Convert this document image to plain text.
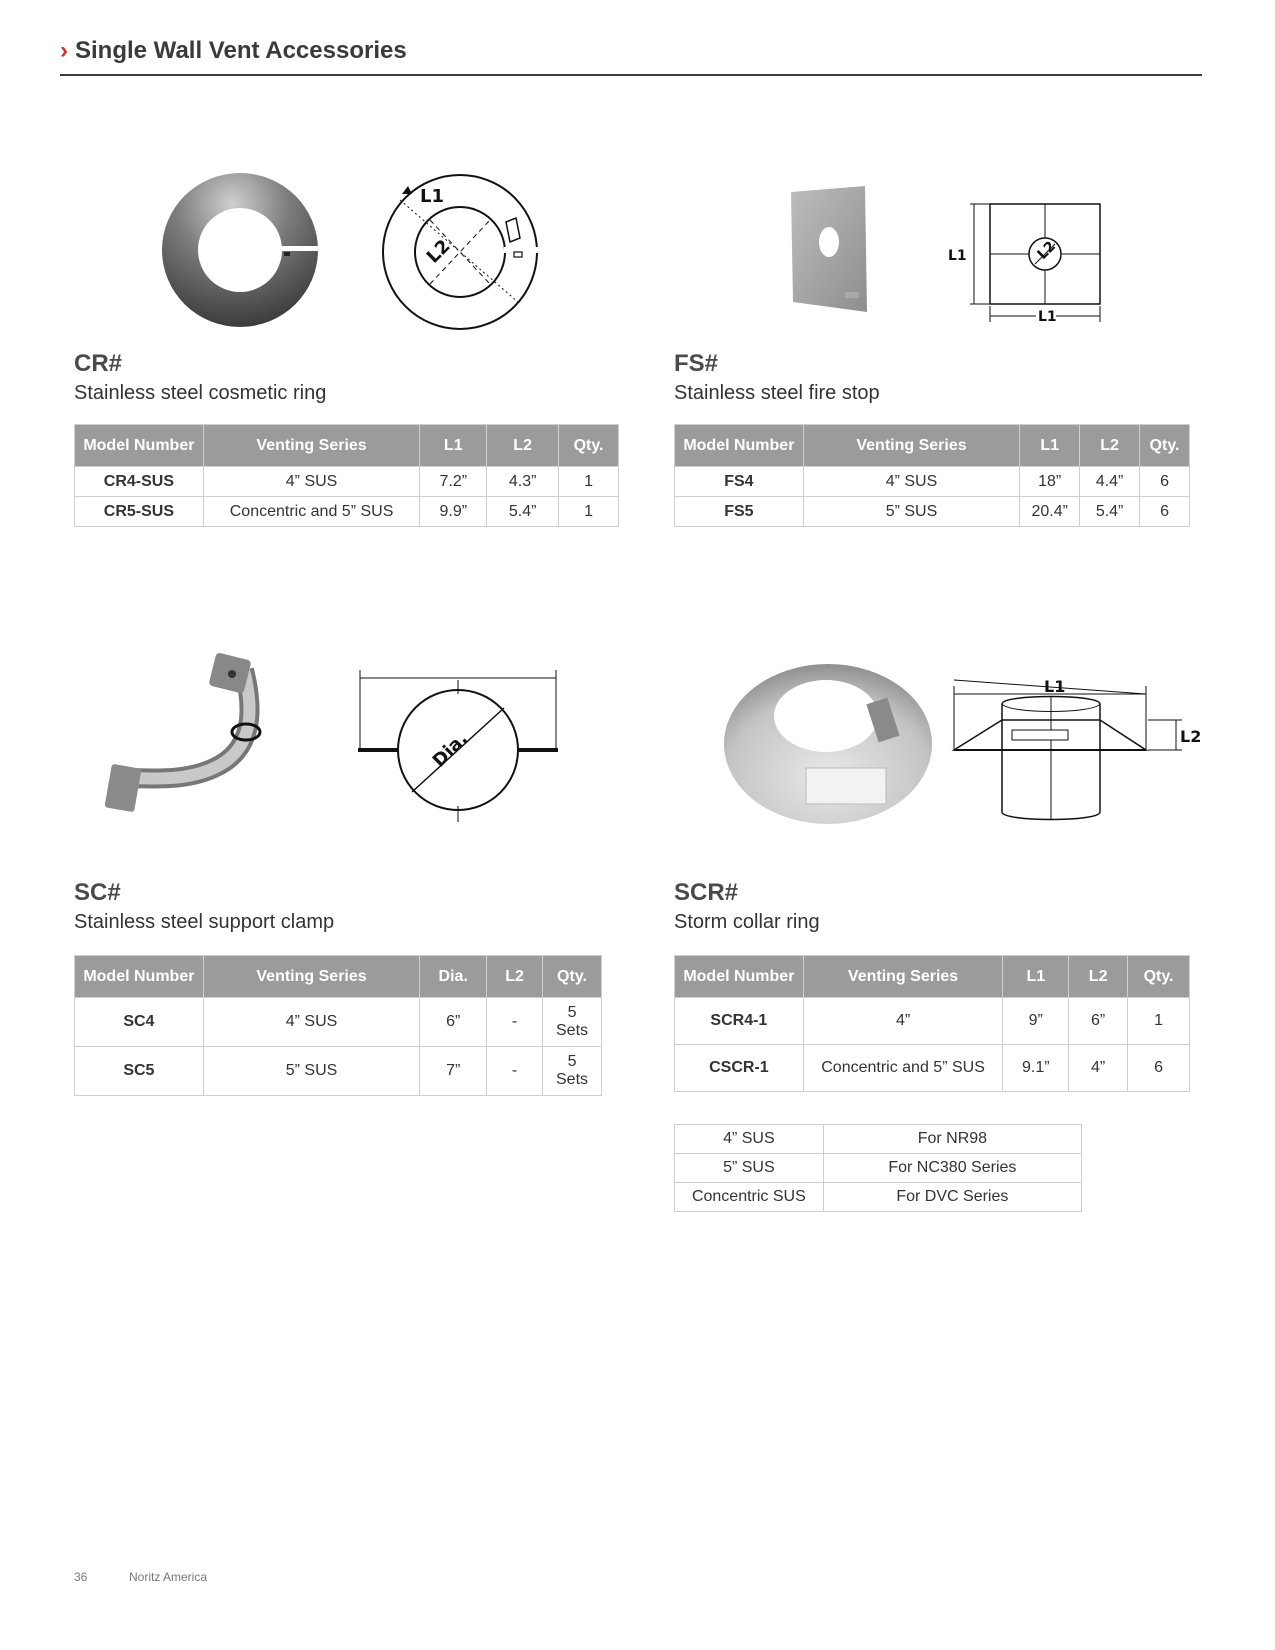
› Single Wall Vent Accessories
L1
L2	L2
L1
L1
CR#
Stainless steel cosmetic ring
Model Number	Venting Series	L1	L2	Qty.
CR4-SUS	4” SUS	7.2”	4.3”	1
CR5-SUS	Concentric and 5” SUS	9.9”	5.4”	1
FS#
Stainless steel fire stop
Model Number	Venting Series	L1	L2	Qty.
FS4	4” SUS	18”	4.4”	6
FS5	5” SUS	20.4”	5.4”	6
Dia.
L1
L2
SC#
Stainless steel support clamp
Model Number	Venting Series	Dia.	L2	Qty.
SC4	4” SUS	6”	-	5
Sets

SC5	5” SUS	7”	-	5
Sets
SCR#
Storm collar ring
Model Number	Venting Series	L1	L2	Qty.
SCR4-1	4”	9”	6”	1
CSCR-1	Concentric and 5” SUS	9.1”	4”	6
4” SUS	For NR98
5” SUS	For NC380 Series
Concentric SUS	For DVC Series
36	Noritz America
